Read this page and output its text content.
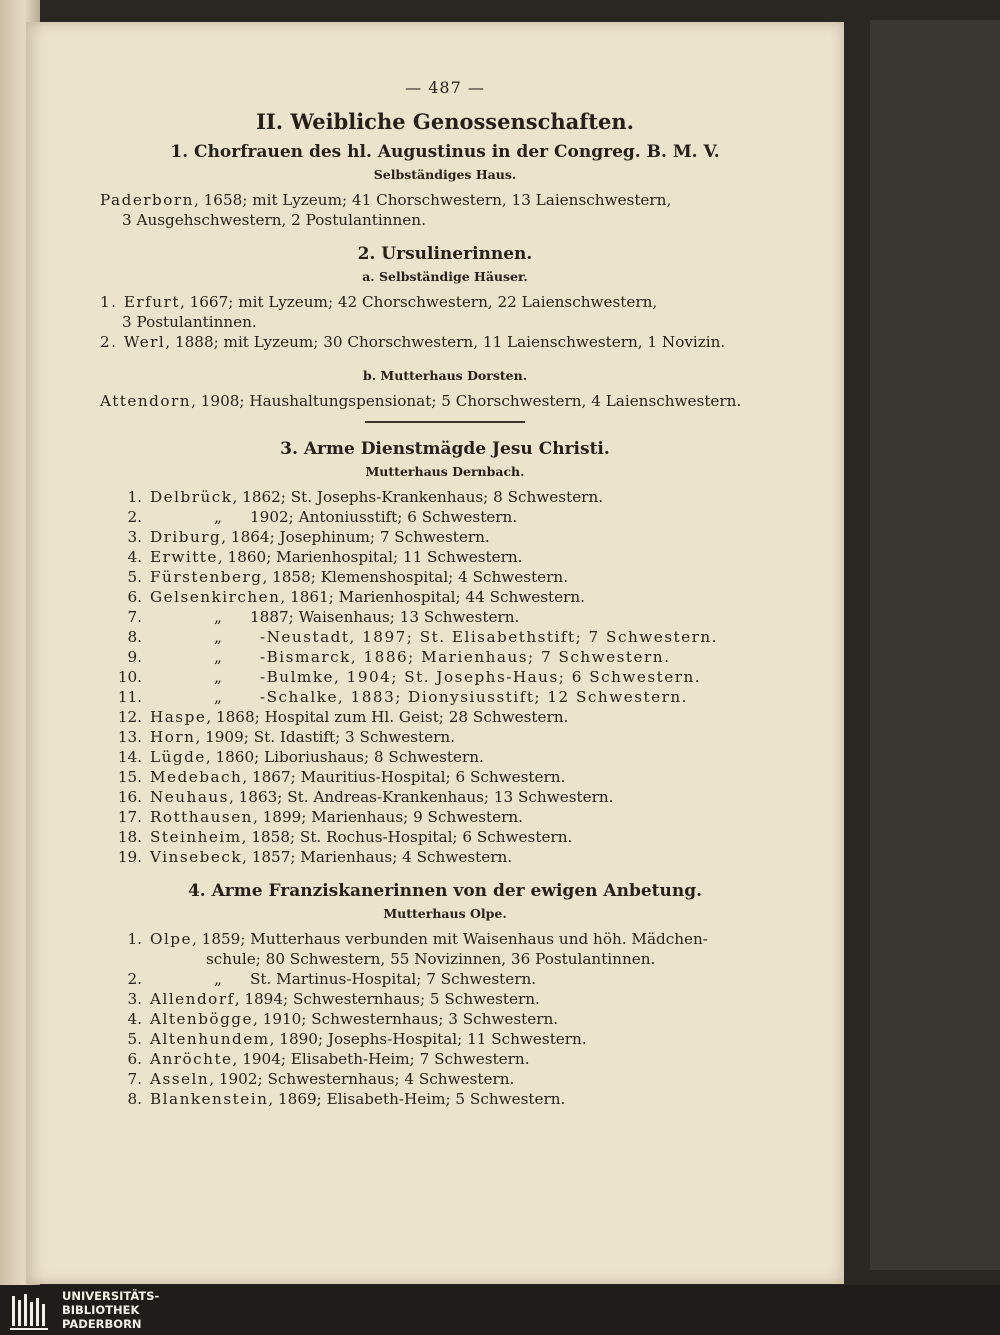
— 487 —
II. Weibliche Genossenschaften.
1. Chorfrauen des hl. Augustinus in der Congreg. B. M. V.
Selbständiges Haus.
Paderborn, 1658; mit Lyzeum; 41 Chorschwestern, 13 Laienschwestern,
3 Ausgehschwestern, 2 Postulantinnen.
2. Ursulinerinnen.
a. Selbständige Häuser.
1. Erfurt, 1667; mit Lyzeum; 42 Chorschwestern, 22 Laienschwestern,
3 Postulantinnen.
2. Werl, 1888; mit Lyzeum; 30 Chorschwestern, 11 Laienschwestern, 1 Novizin.
b. Mutterhaus Dorsten.
Attendorn, 1908; Haushaltungspensionat; 5 Chorschwestern, 4 Laienschwestern.
3. Arme Dienstmägde Jesu Christi.
Mutterhaus Dernbach.
1.	Delbrück, 1862; St. Josephs-Krankenhaus; 8 Schwestern.
2.	„ 1902; Antoniusstift; 6 Schwestern.
3.	Driburg, 1864; Josephinum; 7 Schwestern.
4.	Erwitte, 1860; Marienhospital; 11 Schwestern.
5.	Fürstenberg, 1858; Klemenshospital; 4 Schwestern.
6.	Gelsenkirchen, 1861; Marienhospital; 44 Schwestern.
7.	„ 1887; Waisenhaus; 13 Schwestern.
8.	„ -Neustadt, 1897; St. Elisabethstift; 7 Schwestern.
9.	„ -Bismarck, 1886; Marienhaus; 7 Schwestern.
10.	„ -Bulmke, 1904; St. Josephs-Haus; 6 Schwestern.
11.	„ -Schalke, 1883; Dionysiusstift; 12 Schwestern.
12.	Haspe, 1868; Hospital zum Hl. Geist; 28 Schwestern.
13.	Horn, 1909; St. Idastift; 3 Schwestern.
14.	Lügde, 1860; Liboriushaus; 8 Schwestern.
15.	Medebach, 1867; Mauritius-Hospital; 6 Schwestern.
16.	Neuhaus, 1863; St. Andreas-Krankenhaus; 13 Schwestern.
17.	Rotthausen, 1899; Marienhaus; 9 Schwestern.
18.	Steinheim, 1858; St. Rochus-Hospital; 6 Schwestern.
19.	Vinsebeck, 1857; Marienhaus; 4 Schwestern.
4. Arme Franziskanerinnen von der ewigen Anbetung.
Mutterhaus Olpe.
1.	Olpe, 1859; Mutterhaus verbunden mit Waisenhaus und höh. Mädchen-
	schule; 80 Schwestern, 55 Novizinnen, 36 Postulantinnen.
2.	„ St. Martinus-Hospital; 7 Schwestern.
3.	Allendorf, 1894; Schwesternhaus; 5 Schwestern.
4.	Altenbögge, 1910; Schwesternhaus; 3 Schwestern.
5.	Altenhundem, 1890; Josephs-Hospital; 11 Schwestern.
6.	Anröchte, 1904; Elisabeth-Heim; 7 Schwestern.
7.	Asseln, 1902; Schwesternhaus; 4 Schwestern.
8.	Blankenstein, 1869; Elisabeth-Heim; 5 Schwestern.
UNIVERSITÄTS-
BIBLIOTHEK
PADERBORN
